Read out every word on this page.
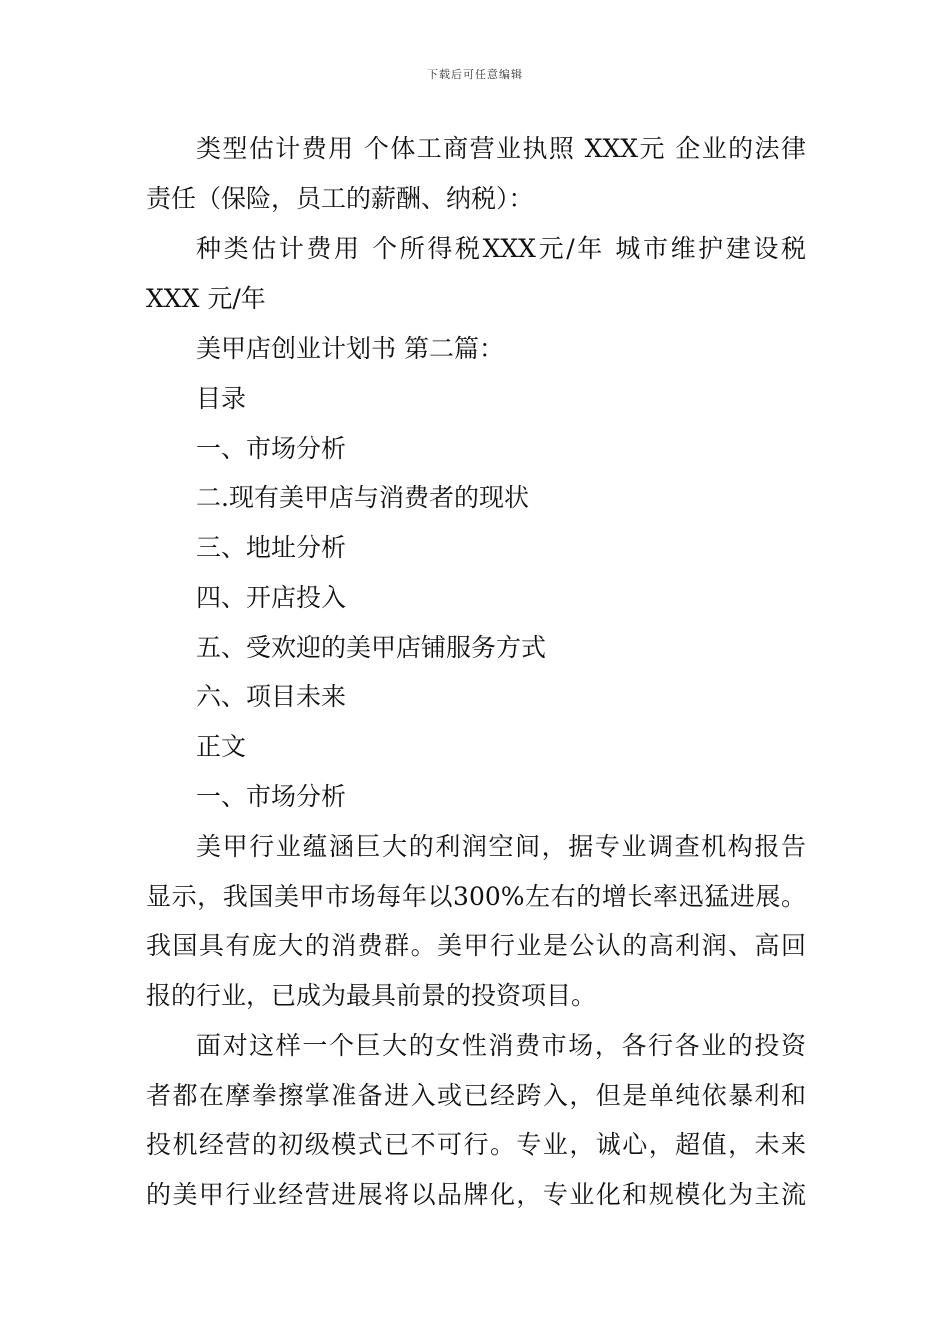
下载后可任意编辑
类型估计费用 个体工商营业执照 XXX元 企业的法律
责任（保险，员工的薪酬、纳税）：
种类估计费用 个所得税XXX元/年 城市维护建设税
XXX 元/年
美甲店创业计划书 第二篇：
目录
一、市场分析
二.现有美甲店与消费者的现状
三、地址分析
四、开店投入
五、受欢迎的美甲店铺服务方式
六、项目未来
正文
一、市场分析
美甲行业蕴涵巨大的利润空间，据专业调查机构报告
显示，我国美甲市场每年以300%左右的增长率迅猛进展。
我国具有庞大的消费群。美甲行业是公认的高利润、高回
报的行业，已成为最具前景的投资项目。
面对这样一个巨大的女性消费市场，各行各业的投资
者都在摩拳擦掌准备进入或已经跨入，但是单纯依暴利和
投机经营的初级模式已不可行。专业，诚心，超值，未来
的美甲行业经营进展将以品牌化，专业化和规模化为主流
